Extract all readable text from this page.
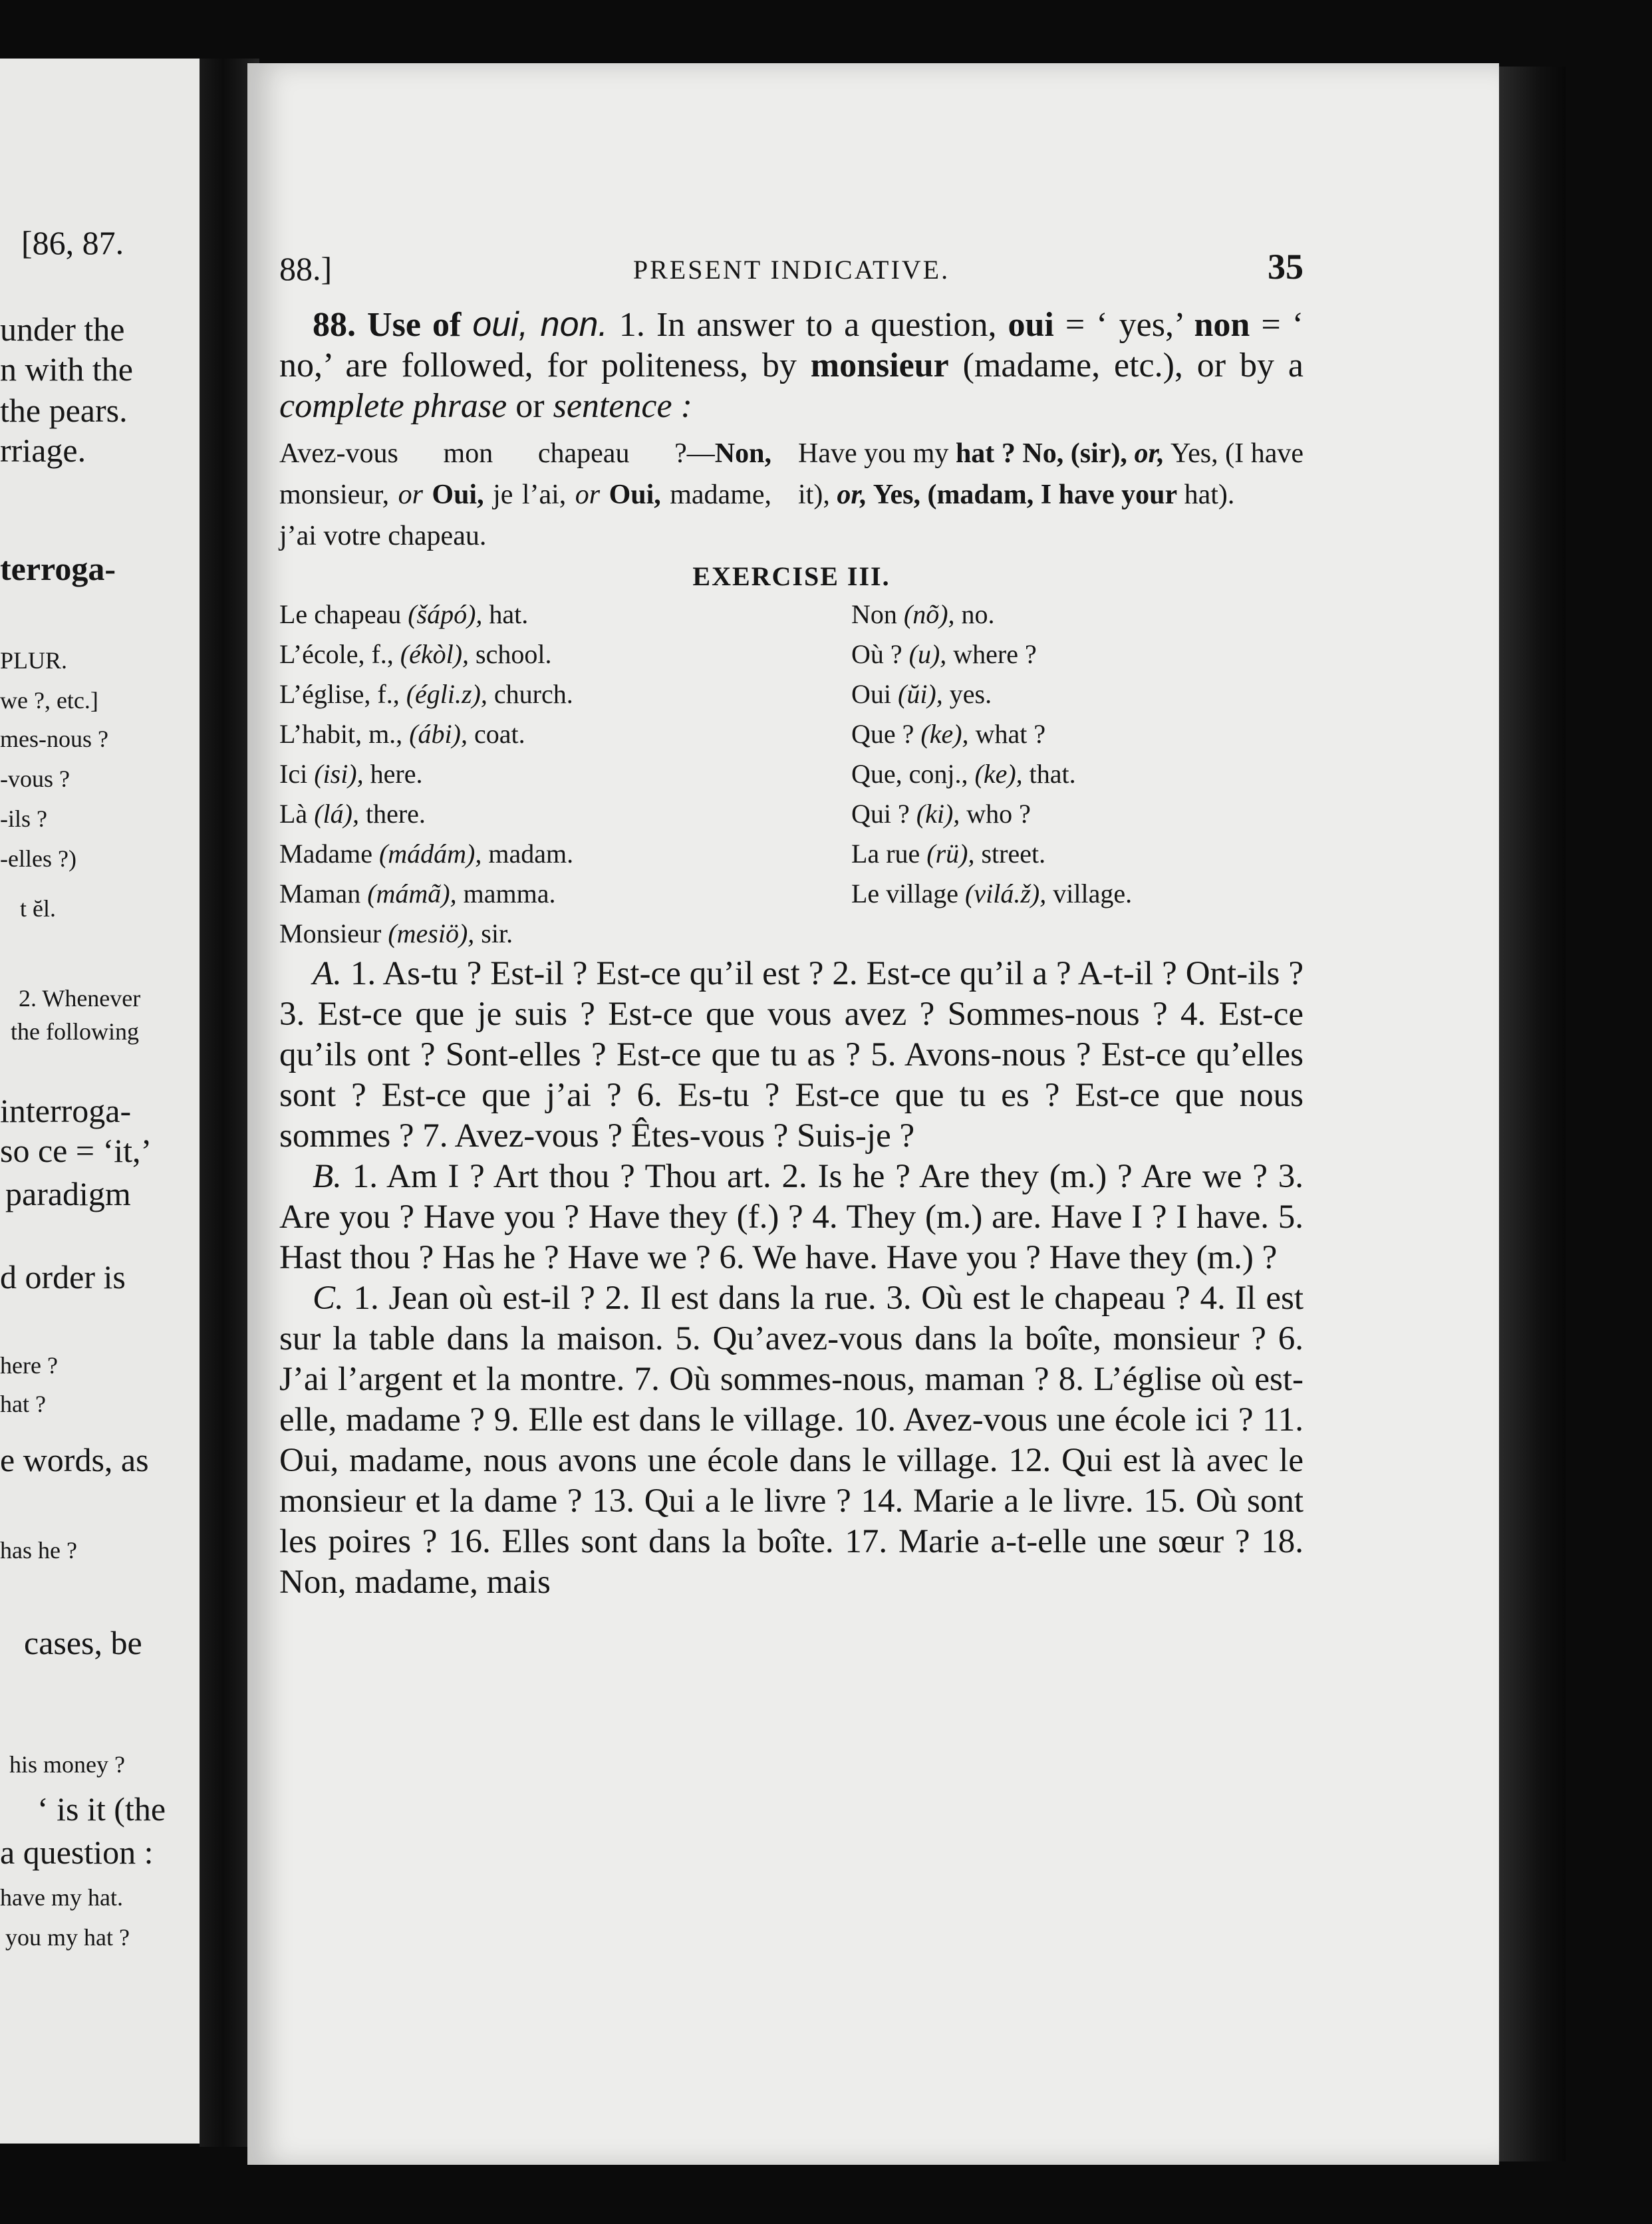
[86, 87.
under the
n with the
the pears.
rriage.
terroga-
PLUR.
we ?, etc.]
mes-nous ?
-vous ?
-ils ?
-elles ?)
t ĕl.
2. Whenever
the following
interroga-
so ce = ‘it,’
paradigm
d order is
here ?
hat ?
e words, as
has he ?
cases, be
his money ?
‘ is it (the
a question :
have my hat.
you my hat ?
88.]	PRESENT INDICATIVE.	35
88. Use of oui, non. 1. In answer to a question, oui = ‘ yes,’ non = ‘ no,’ are followed, for politeness, by monsieur (madame, etc.), or by a complete phrase or sentence :
Avez-vous mon chapeau ?—Non, monsieur, or Oui, je l’ai, or Oui, madame, j’ai votre chapeau.
Have you my hat ? No, (sir), or, Yes, (I have it), or, Yes, (madam, I have your hat).
EXERCISE III.
Le chapeau (šápó), hat.
L’école, f., (ékòl), school.
L’église, f., (égli.z), church.
L’habit, m., (ábi), coat.
Ici (isi), here.
Là (lá), there.
Madame (mádám), madam.
Maman (mámã), mamma.
Monsieur (mesiö), sir.
Non (nõ), no.
Où ? (u), where ?
Oui (ŭi), yes.
Que ? (ke), what ?
Que, conj., (ke), that.
Qui ? (ki), who ?
La rue (rü), street.
Le village (vilá.ž), village.

A. 1. As-tu ? Est-il ? Est-ce qu’il est ? 2. Est-ce qu’il a ? A-t-il ? Ont-ils ? 3. Est-ce que je suis ? Est-ce que vous avez ? Sommes-nous ? 4. Est-ce qu’ils ont ? Sont-elles ? Est-ce que tu as ? 5. Avons-nous ? Est-ce qu’elles sont ? Est-ce que j’ai ? 6. Es-tu ? Est-ce que tu es ? Est-ce que nous sommes ? 7. Avez-vous ? Êtes-vous ? Suis-je ?

B. 1. Am I ? Art thou ? Thou art. 2. Is he ? Are they (m.) ? Are we ? 3. Are you ? Have you ? Have they (f.) ? 4. They (m.) are. Have I ? I have. 5. Hast thou ? Has he ? Have we ? 6. We have. Have you ? Have they (m.) ?

C. 1. Jean où est-il ? 2. Il est dans la rue. 3. Où est le chapeau ? 4. Il est sur la table dans la maison. 5. Qu’avez-vous dans la boîte, monsieur ? 6. J’ai l’argent et la montre. 7. Où sommes-nous, maman ? 8. L’église où est-elle, madame ? 9. Elle est dans le village. 10. Avez-vous une école ici ? 11. Oui, madame, nous avons une école dans le village. 12. Qui est là avec le monsieur et la dame ? 13. Qui a le livre ? 14. Marie a le livre. 15. Où sont les poires ? 16. Elles sont dans la boîte. 17. Marie a-t-elle une sœur ? 18. Non, madame, mais
